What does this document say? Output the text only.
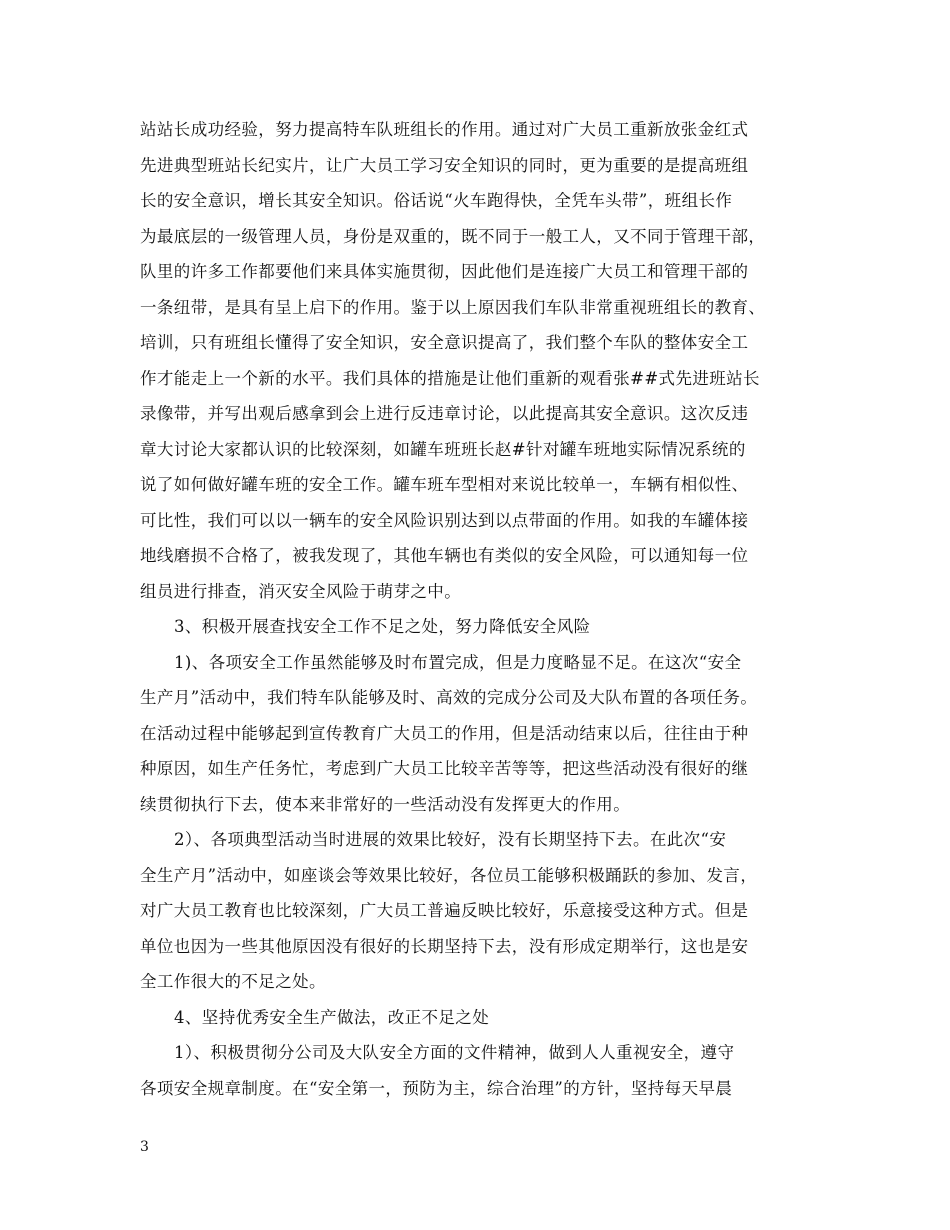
站站长成功经验，努力提高特车队班组长的作用。通过对广大员工重新放张金红式
先进典型班站长纪实片，让广大员工学习安全知识的同时，更为重要的是提高班组
长的安全意识，增长其安全知识。俗话说“火车跑得快，全凭车头带”，班组长作
为最底层的一级管理人员，身份是双重的，既不同于一般工人，又不同于管理干部，
队里的许多工作都要他们来具体实施贯彻，因此他们是连接广大员工和管理干部的
一条纽带，是具有呈上启下的作用。鉴于以上原因我们车队非常重视班组长的教育、
培训，只有班组长懂得了安全知识，安全意识提高了，我们整个车队的整体安全工
作才能走上一个新的水平。我们具体的措施是让他们重新的观看张##式先进班站长
录像带，并写出观后感拿到会上进行反违章讨论，以此提高其安全意识。这次反违
章大讨论大家都认识的比较深刻，如罐车班班长赵#针对罐车班地实际情况系统的
说了如何做好罐车班的安全工作。罐车班车型相对来说比较单一，车辆有相似性、
可比性，我们可以以一辆车的安全风险识别达到以点带面的作用。如我的车罐体接
地线磨损不合格了，被我发现了，其他车辆也有类似的安全风险，可以通知每一位
组员进行排查，消灭安全风险于萌芽之中。
3、积极开展查找安全工作不足之处，努力降低安全风险
1)、各项安全工作虽然能够及时布置完成，但是力度略显不足。在这次“安全
生产月”活动中，我们特车队能够及时、高效的完成分公司及大队布置的各项任务。
在活动过程中能够起到宣传教育广大员工的作用，但是活动结束以后，往往由于种
种原因，如生产任务忙，考虑到广大员工比较辛苦等等，把这些活动没有很好的继
续贯彻执行下去，使本来非常好的一些活动没有发挥更大的作用。
2）、各项典型活动当时进展的效果比较好，没有长期坚持下去。在此次“安
全生产月”活动中，如座谈会等效果比较好，各位员工能够积极踊跃的参加、发言，
对广大员工教育也比较深刻，广大员工普遍反映比较好，乐意接受这种方式。但是
单位也因为一些其他原因没有很好的长期坚持下去，没有形成定期举行，这也是安
全工作很大的不足之处。
4、坚持优秀安全生产做法，改正不足之处
1）、积极贯彻分公司及大队安全方面的文件精神，做到人人重视安全，遵守
各项安全规章制度。在“安全第一，预防为主，综合治理”的方针，坚持每天早晨
3
